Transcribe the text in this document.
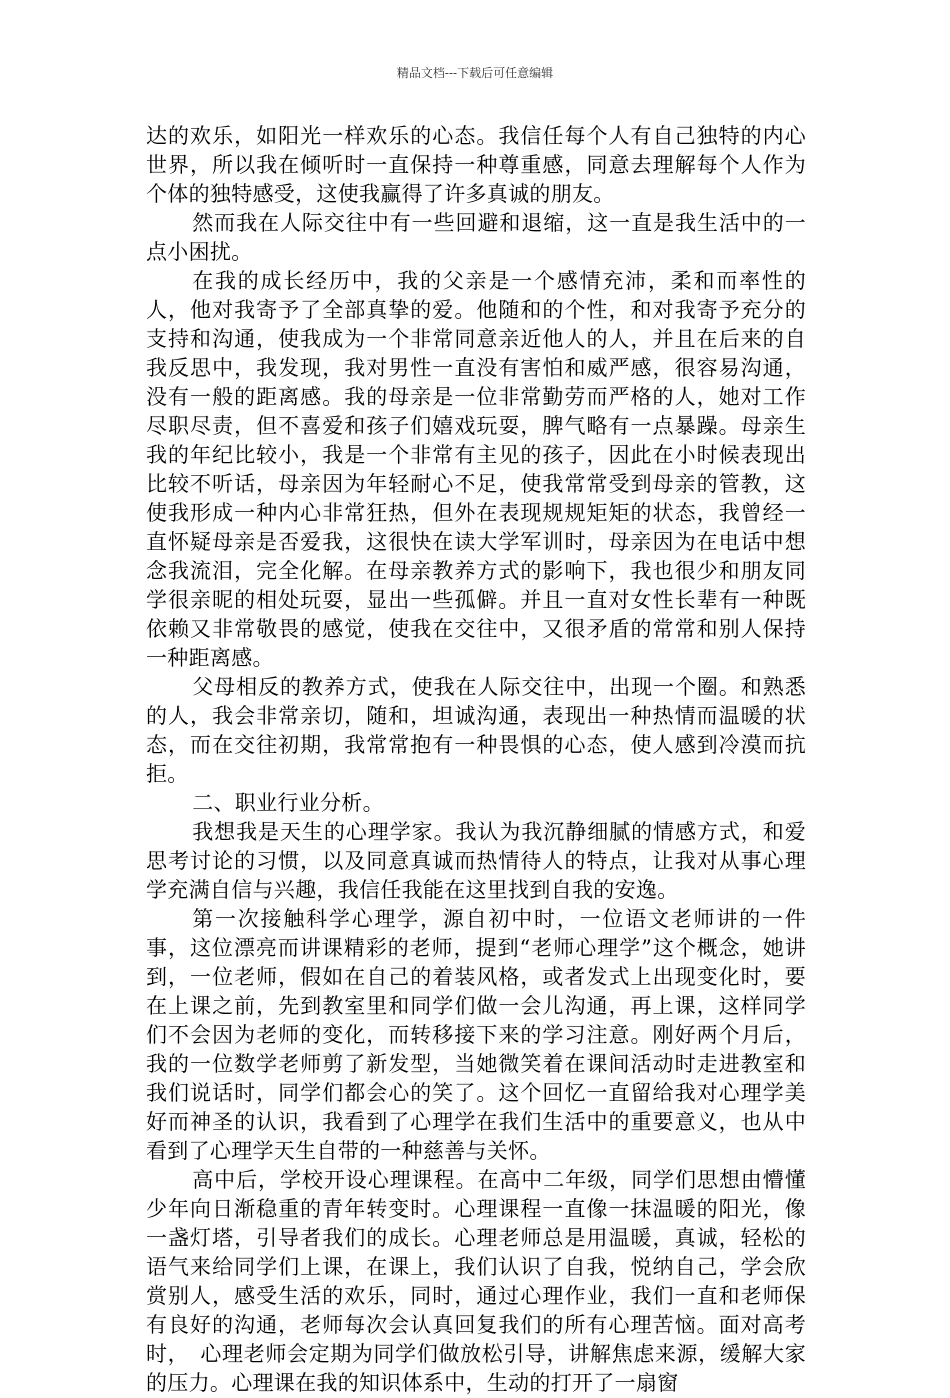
精品文档---下载后可任意编辑

达的欢乐，如阳光一样欢乐的心态。我信任每个人有自己独特的内心世界，所以我在倾听时一直保持一种尊重感，同意去理解每个人作为个体的独特感受，这使我赢得了许多真诚的朋友。

然而我在人际交往中有一些回避和退缩，这一直是我生活中的一点小困扰。

在我的成长经历中，我的父亲是一个感情充沛，柔和而率性的人，他对我寄予了全部真挚的爱。他随和的个性，和对我寄予充分的支持和沟通，使我成为一个非常同意亲近他人的人，并且在后来的自我反思中，我发现，我对男性一直没有害怕和威严感，很容易沟通，没有一般的距离感。我的母亲是一位非常勤劳而严格的人，她对工作尽职尽责，但不喜爱和孩子们嬉戏玩耍，脾气略有一点暴躁。母亲生我的年纪比较小，我是一个非常有主见的孩子，因此在小时候表现出比较不听话，母亲因为年轻耐心不足，使我常常受到母亲的管教，这使我形成一种内心非常狂热，但外在表现规规矩矩的状态，我曾经一直怀疑母亲是否爱我，这很快在读大学军训时，母亲因为在电话中想念我流泪，完全化解。在母亲教养方式的影响下，我也很少和朋友同学很亲昵的相处玩耍，显出一些孤僻。并且一直对女性长辈有一种既依赖又非常敬畏的感觉，使我在交往中，又很矛盾的常常和别人保持一种距离感。

父母相反的教养方式，使我在人际交往中，出现一个圈。和熟悉的人，我会非常亲切，随和，坦诚沟通，表现出一种热情而温暖的状态，而在交往初期，我常常抱有一种畏惧的心态，使人感到冷漠而抗拒。

二、职业行业分析。

我想我是天生的心理学家。我认为我沉静细腻的情感方式，和爱思考讨论的习惯，以及同意真诚而热情待人的特点，让我对从事心理学充满自信与兴趣，我信任我能在这里找到自我的安逸。

第一次接触科学心理学，源自初中时，一位语文老师讲的一件事，这位漂亮而讲课精彩的老师，提到“老师心理学”这个概念，她讲到，一位老师，假如在自己的着装风格，或者发式上出现变化时，要在上课之前，先到教室里和同学们做一会儿沟通，再上课，这样同学们不会因为老师的变化，而转移接下来的学习注意。刚好两个月后，我的一位数学老师剪了新发型，当她微笑着在课间活动时走进教室和我们说话时，同学们都会心的笑了。这个回忆一直留给我对心理学美好而神圣的认识，我看到了心理学在我们生活中的重要意义，也从中看到了心理学天生自带的一种慈善与关怀。

高中后，学校开设心理课程。在高中二年级，同学们思想由懵懂少年向日渐稳重的青年转变时。心理课程一直像一抹温暖的阳光，像一盏灯塔，引导者我们的成长。心理老师总是用温暖，真诚，轻松的语气来给同学们上课，在课上，我们认识了自我，悦纳自己，学会欣赏别人，感受生活的欢乐，同时，通过心理作业，我们一直和老师保有良好的沟通，老师每次会认真回复我们的所有心理苦恼。面对高考时，　心理老师会定期为同学们做放松引导，讲解焦虑来源，缓解大家的压力。心理课在我的知识体系中，生动的打开了一扇窗
